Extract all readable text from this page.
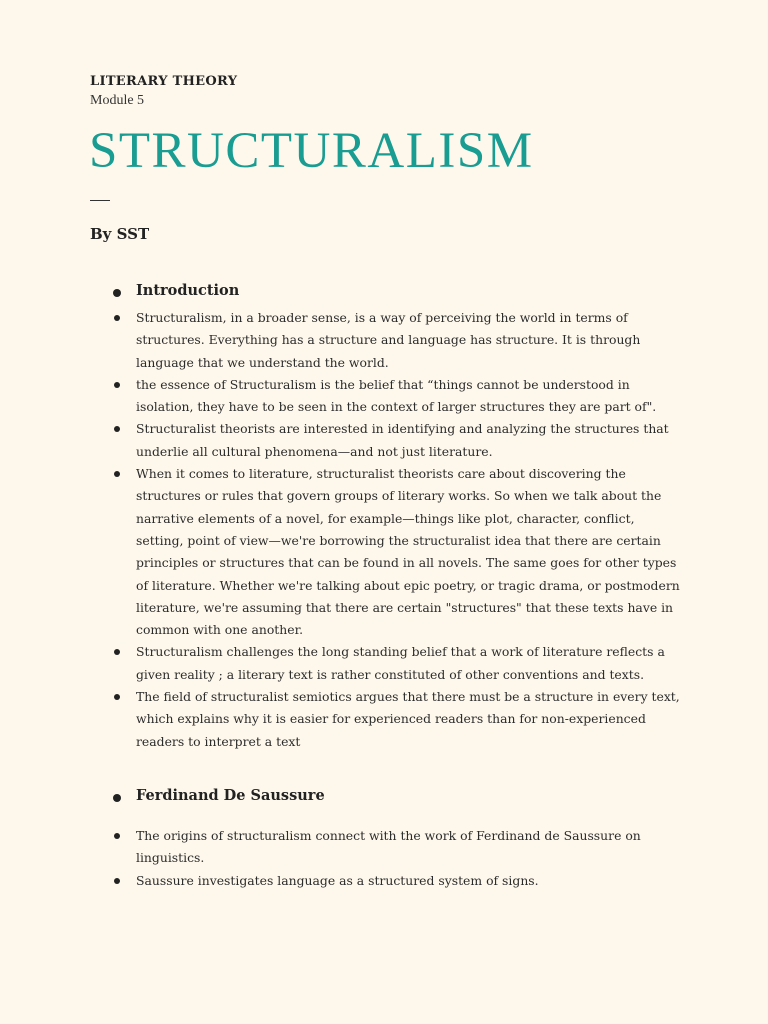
LITERARY THEORY
Module 5
STRUCTURALISM
By SST
Introduction
Structuralism, in a broader sense, is a way of perceiving the world in terms of structures. Everything has a structure and language has structure. It is through language that we understand the world.
the essence of Structuralism is the belief that “things cannot be understood in isolation, they have to be seen in the context of larger structures they are part of".
Structuralist theorists are interested in identifying and analyzing the structures that underlie all cultural phenomena—and not just literature.
When it comes to literature, structuralist theorists care about discovering the structures or rules that govern groups of literary works. So when we talk about the narrative elements of a novel, for example—things like plot, character, conflict, setting, point of view—we're borrowing the structuralist idea that there are certain principles or structures that can be found in all novels. The same goes for other types of literature. Whether we're talking about epic poetry, or tragic drama, or postmodern literature, we're assuming that there are certain "structures" that these texts have in common with one another.
Structuralism challenges the long standing belief that a work of literature reflects a given reality ; a literary text is rather constituted of other conventions and texts.
The field of structuralist semiotics argues that there must be a structure in every text, which explains why it is easier for experienced readers than for non-experienced readers to interpret a text
Ferdinand De Saussure
The origins of structuralism connect with the work of Ferdinand de Saussure on linguistics.
Saussure investigates language as a structured system of signs.
